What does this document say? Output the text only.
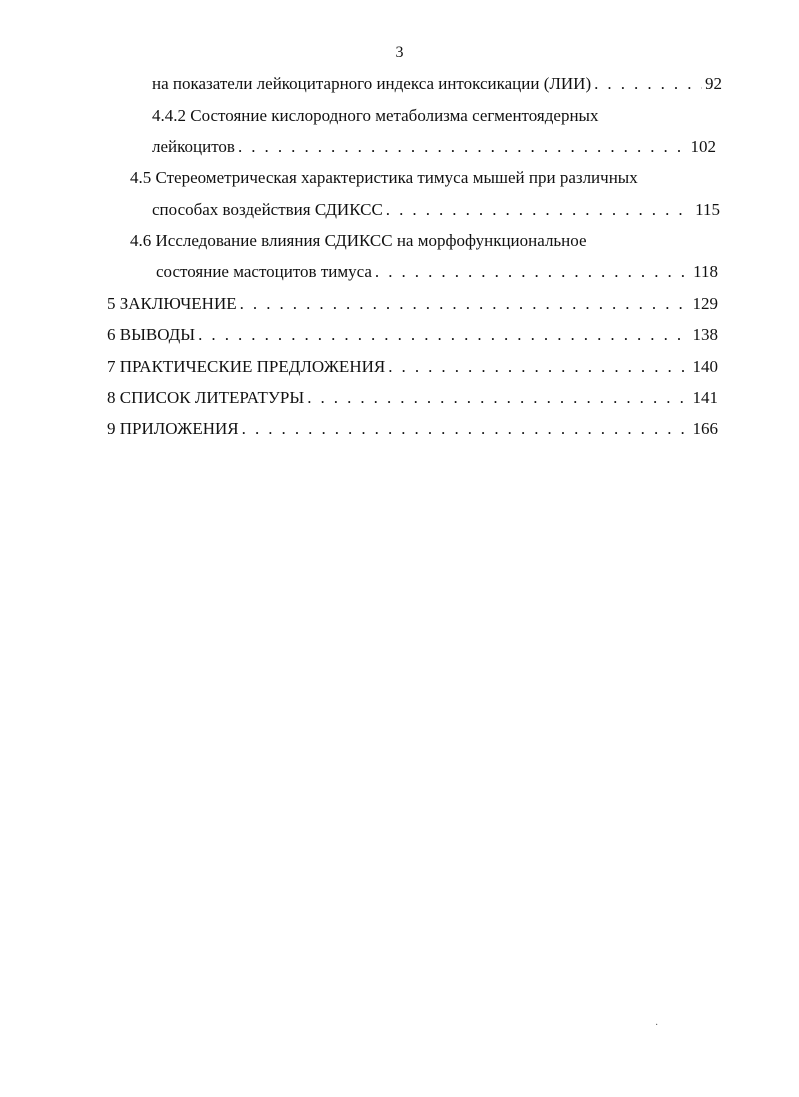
3
на показатели лейкоцитарного индекса интоксикации (ЛИИ) . . .	92
4.4.2 Состояние кислородного метаболизма сегментоядерных
лейкоцитов . . .	102
4.5 Стереометрическая характеристика тимуса мышей при различных
способах воздействия СДИКСС . . .	115
4.6 Исследование влияния СДИКСС на морфофункциональное
состояние мастоцитов тимуса . . .	118
5 ЗАКЛЮЧЕНИЕ . . .	129
6 ВЫВОДЫ . . .	138
7 ПРАКТИЧЕСКИЕ ПРЕДЛОЖЕНИЯ . . .	140
8 СПИСОК ЛИТЕРАТУРЫ . . .	141
9 ПРИЛОЖЕНИЯ . . .	166
·
